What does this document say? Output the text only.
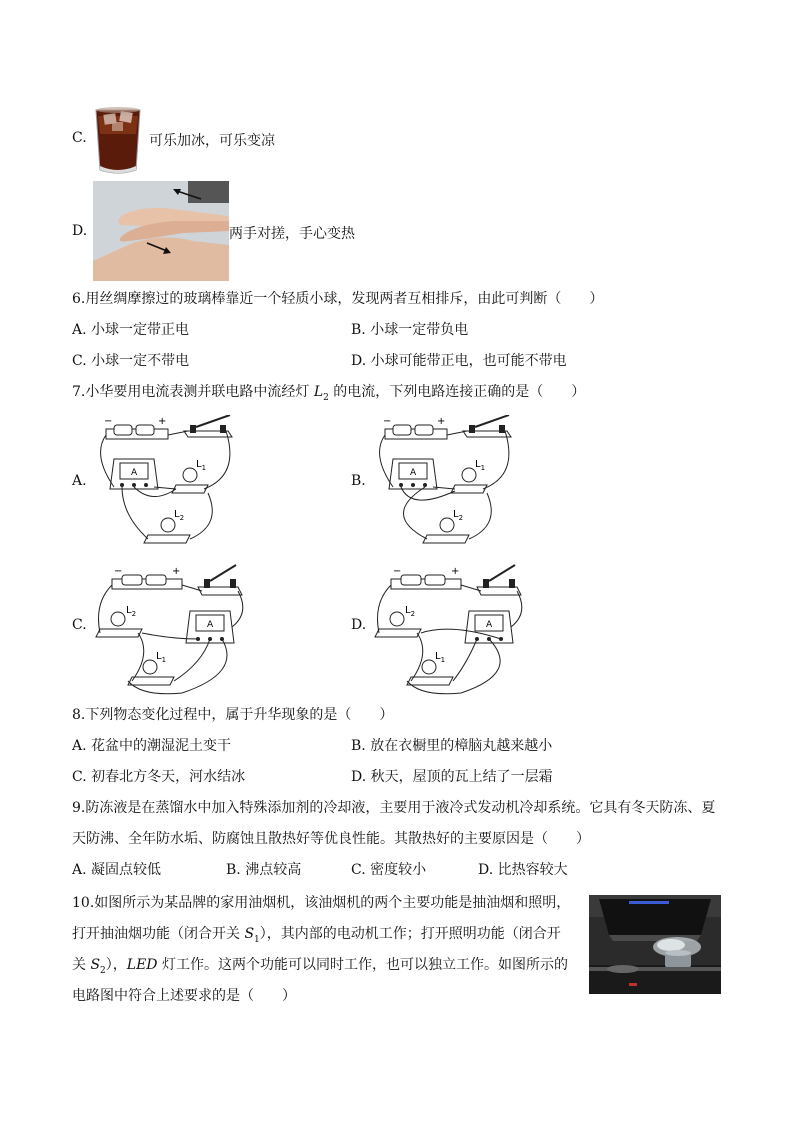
C.	可乐加冰，可乐变凉
D.	两手对搓，手心变热
6.用丝绸摩擦过的玻璃棒靠近一个轻质小球，发现两者互相排斥，由此可判断（　　）
A. 小球一定带正电	B. 小球一定带负电
C. 小球一定不带电	D. 小球可能带正电，也可能不带电
7.小华要用电流表测并联电路中流经灯 $L_2$ 的电流，下列电路连接正确的是（　　）
A.
−	+
A
$L_1$
$L_2$
B.
−	+
A
$L_1$
$L_2$
C.
−	+
$L_2$
A
$L_1$
D.
−	+
$L_2$
A
$L_1$
8.下列物态变化过程中，属于升华现象的是（　　）
A. 花盆中的潮湿泥土变干	B. 放在衣橱里的樟脑丸越来越小
C. 初春北方冬天，河水结冰	D. 秋天，屋顶的瓦上结了一层霜
9.防冻液是在蒸馏水中加入特殊添加剂的冷却液，主要用于液冷式发动机冷却系统。它具有冬天防冻、夏
天防沸、全年防水垢、防腐蚀且散热好等优良性能。其散热好的主要原因是（　　）
A. 凝固点较低	B. 沸点较高	C. 密度较小	D. 比热容较大
10.如图所示为某品牌的家用油烟机，该油烟机的两个主要功能是抽油烟和照明，
打开抽油烟功能（闭合开关 $S_1$），其内部的电动机工作；打开照明功能（闭合开
关 $S_2$），LED 灯工作。这两个功能可以同时工作，也可以独立工作。如图所示的
电路图中符合上述要求的是（　　）
